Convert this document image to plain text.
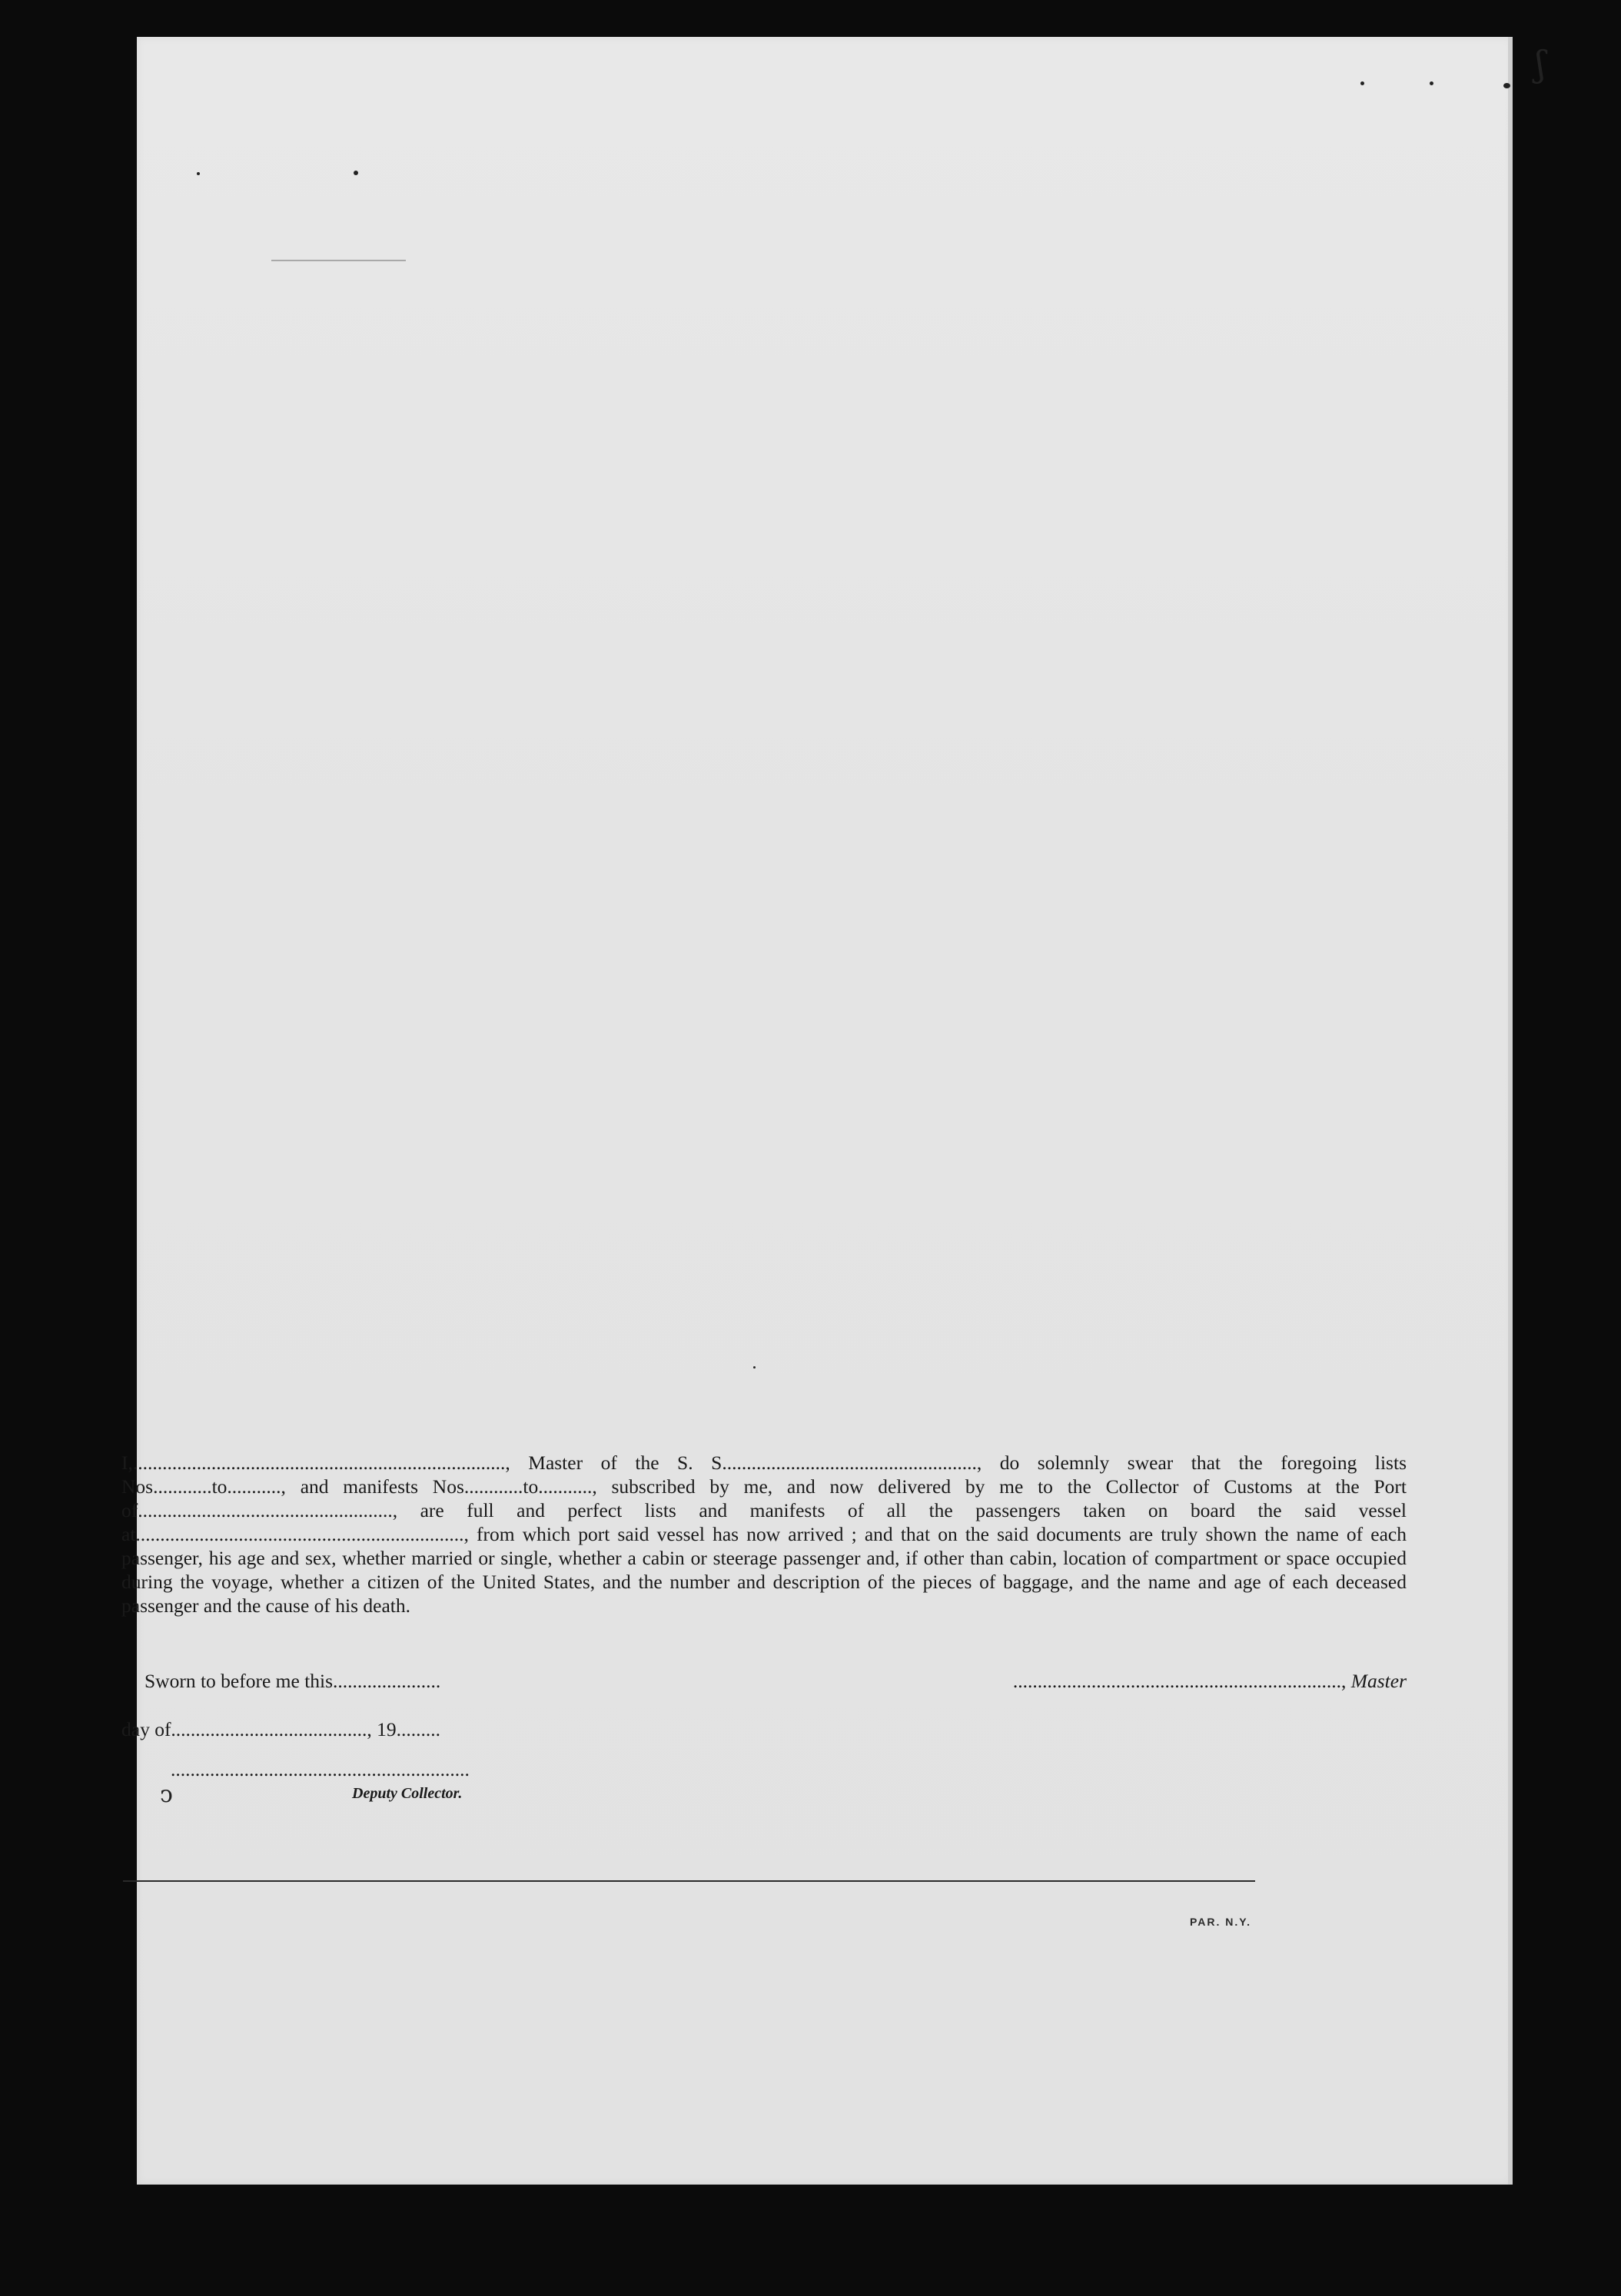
ʃ
ↄ
I,............................................................................, Master of the S. S...................................................., do solemnly swear that the foregoing lists Nos............to..........., and manifests Nos............to..........., subscribed by me, and now delivered by me to the Collector of Customs at the Port of...................................................., are full and perfect lists and manifests of all the passengers taken on board the said vessel at..................................................................., from which port said vessel has now arrived ; and that on the said documents are truly shown the name of each passenger, his age and sex, whether married or single, whether a cabin or steerage passenger and, if other than cabin, location of compartment or space occupied during the voyage, whether a citizen of the United States, and the number and description of the pieces of baggage, and the name and age of each deceased passenger and the cause of his death.
Sworn to before me this......................	..................................................................., Master
day of........................................, 19.........
.............................................................
Deputy Collector.
PAR. N.Y.
